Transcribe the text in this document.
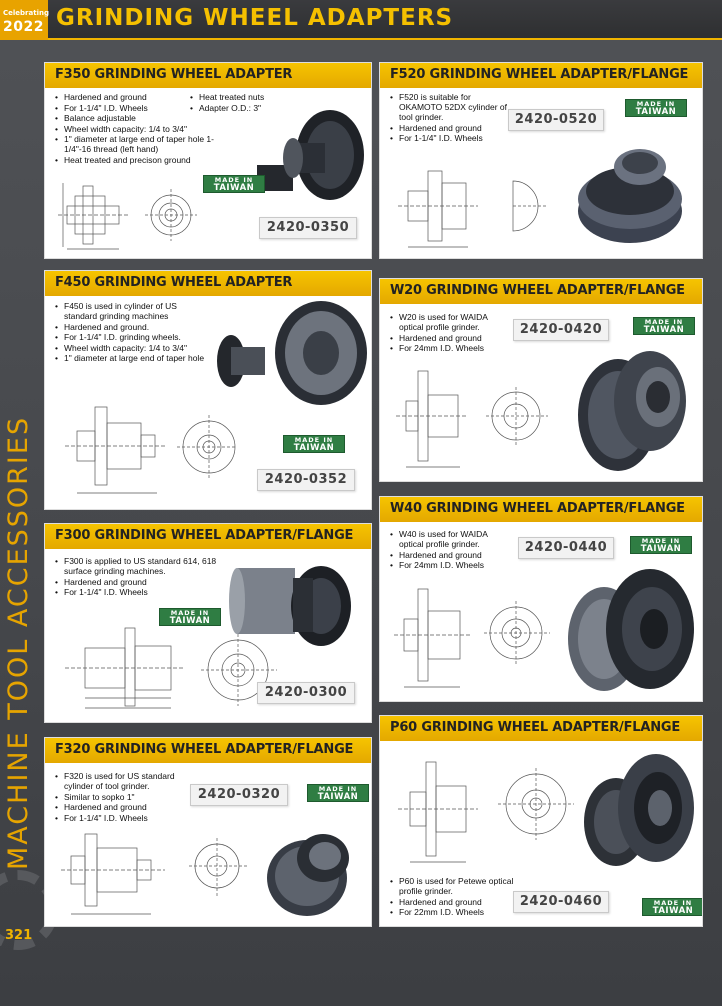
Celebrating
2022 GRINDING WHEEL ADAPTERS
MACHINE TOOL ACCESSORIES
321
F350 GRINDING WHEEL ADAPTER
• Hardened and ground
• For 1-1/4" I.D. Wheels
• Balance adjustable
• Wheel width capacity: 1/4 to 3/4"
• 1" diameter at large end of taper hole 1-1/4"-16 thread (left hand)
• Heat treated and precison ground
• Heat treated nuts
• Adapter O.D.: 3"
MADE IN
TAIWAN
2420-0350
F520 GRINDING WHEEL ADAPTER/FLANGE
• F520 is suitable for OKAMOTO 52DX cylinder of tool grinder.
• Hardened and ground
• For 1-1/4" I.D. Wheels
2420-0520
MADE IN
TAIWAN
F450 GRINDING WHEEL ADAPTER
• F450 is used in cylinder of US standard grinding machines
• Hardened and ground.
• For 1-1/4" I.D. grinding wheels.
• Wheel width capacity: 1/4 to 3/4"
• 1" diameter at large end of taper hole
MADE IN
TAIWAN
2420-0352
W20 GRINDING WHEEL ADAPTER/FLANGE
• W20 is used for WAIDA optical profile grinder.
• Hardened and ground
• For 24mm I.D. Wheels
2420-0420	MADE IN
TAIWAN
F300 GRINDING WHEEL ADAPTER/FLANGE
• F300 is applied to US standard 614, 618 surface grinding machines.
• Hardened and ground
• For 1-1/4" I.D. Wheels
MADE IN
TAIWAN
2420-0300
W40 GRINDING WHEEL ADAPTER/FLANGE
• W40 is used for WAIDA optical profile grinder.
• Hardened and ground
• For 24mm I.D. Wheels
2420-0440	MADE IN
TAIWAN
F320 GRINDING WHEEL ADAPTER/FLANGE
• F320 is used for US standard cylinder of tool grinder.
• Similar to sopko 1"
• Hardened and ground
• For 1-1/4" I.D. Wheels
2420-0320	MADE IN
TAIWAN
P60 GRINDING WHEEL ADAPTER/FLANGE
• P60 is used for Petewe optical profile grinder.
• Hardened and ground
• For 22mm I.D. Wheels
2420-0460	MADE IN
TAIWAN
